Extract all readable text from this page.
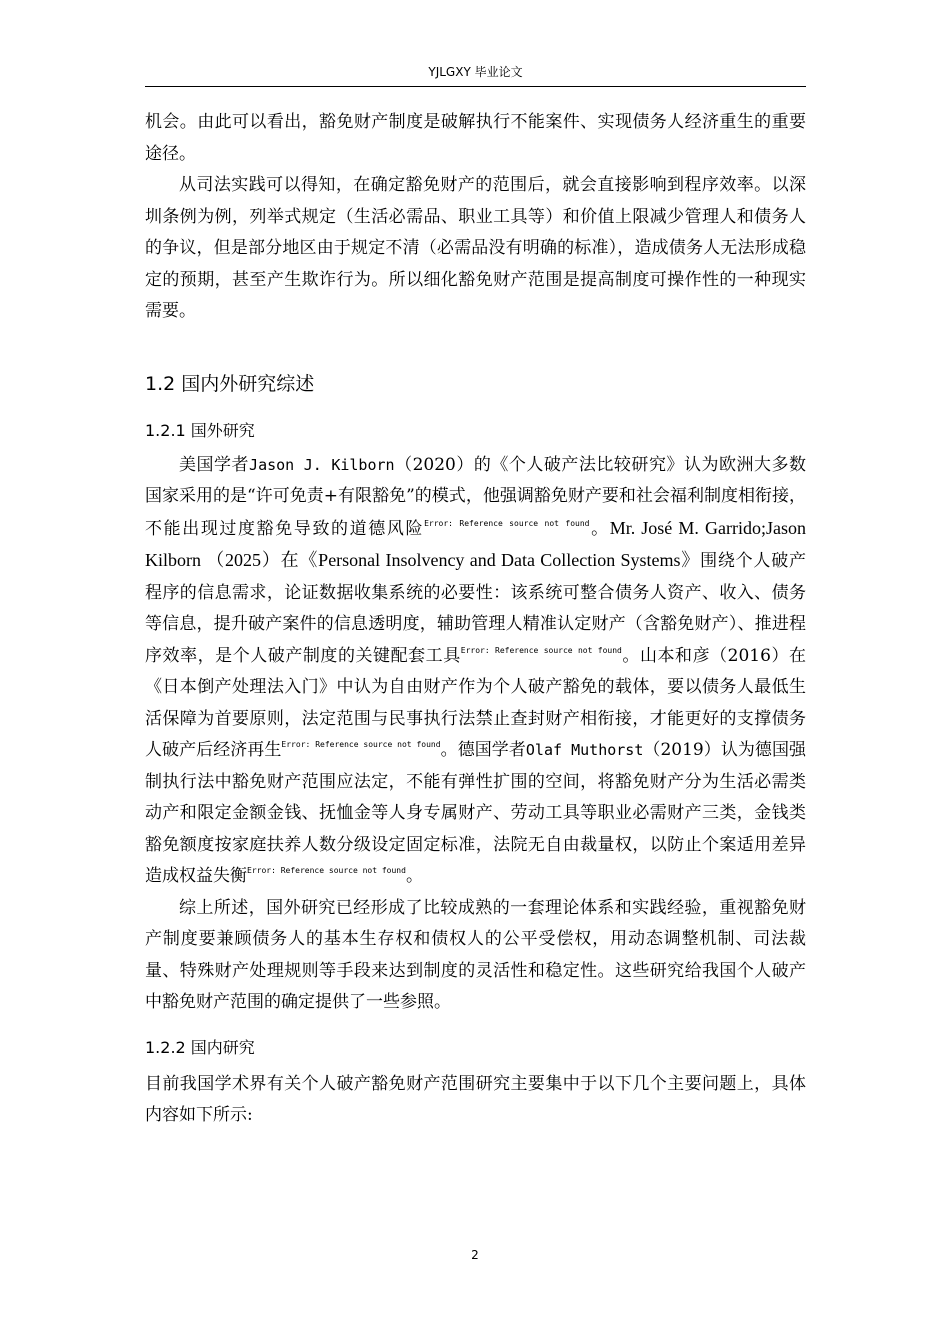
YJLGXY 毕业论文

机会。由此可以看出，豁免财产制度是破解执行不能案件、实现债务人经济重生的重要途径。

从司法实践可以得知，在确定豁免财产的范围后，就会直接影响到程序效率。以深圳条例为例，列举式规定（生活必需品、职业工具等）和价值上限减少管理人和债务人的争议，但是部分地区由于规定不清（必需品没有明确的标准），造成债务人无法形成稳定的预期，甚至产生欺诈行为。所以细化豁免财产范围是提高制度可操作性的一种现实需要。

1.2 国内外研究综述
1.2.1 国外研究

美国学者Jason J. Kilborn（2020）的《个人破产法比较研究》认为欧洲大多数国家采用的是“许可免责+有限豁免”的模式，他强调豁免财产要和社会福利制度相衔接，不能出现过度豁免导致的道德风险$^{Error: Reference source not found}$。Mr. José M. Garrido;Jason Kilborn （2025）在《Personal Insolvency and Data Collection Systems》围绕个人破产程序的信息需求，论证数据收集系统的必要性：该系统可整合债务人资产、收入、债务等信息，提升破产案件的信息透明度，辅助管理人精准认定财产（含豁免财产）、推进程序效率，是个人破产制度的关键配套工具$^{Error: Reference source not found}$。山本和彦（2016）在《日本倒产处理法入门》中认为自由财产作为个人破产豁免的载体，要以债务人最低生活保障为首要原则，法定范围与民事执行法禁止查封财产相衔接，才能更好的支撑债务人破产后经济再生$^{Error: Reference source not found}$。德国学者Olaf Muthorst（2019）认为德国强制执行法中豁免财产范围应法定，不能有弹性扩围的空间，将豁免财产分为生活必需类动产和限定金额金钱、抚恤金等人身专属财产、劳动工具等职业必需财产三类，金钱类豁免额度按家庭扶养人数分级设定固定标准，法院无自由裁量权，以防止个案适用差异造成权益失衡$^{Error: Reference source not found}$。

综上所述，国外研究已经形成了比较成熟的一套理论体系和实践经验，重视豁免财产制度要兼顾债务人的基本生存权和债权人的公平受偿权，用动态调整机制、司法裁量、特殊财产处理规则等手段来达到制度的灵活性和稳定性。这些研究给我国个人破产中豁免财产范围的确定提供了一些参照。

1.2.2 国内研究

目前我国学术界有关个人破产豁免财产范围研究主要集中于以下几个主要问题上，具体内容如下所示:

2
